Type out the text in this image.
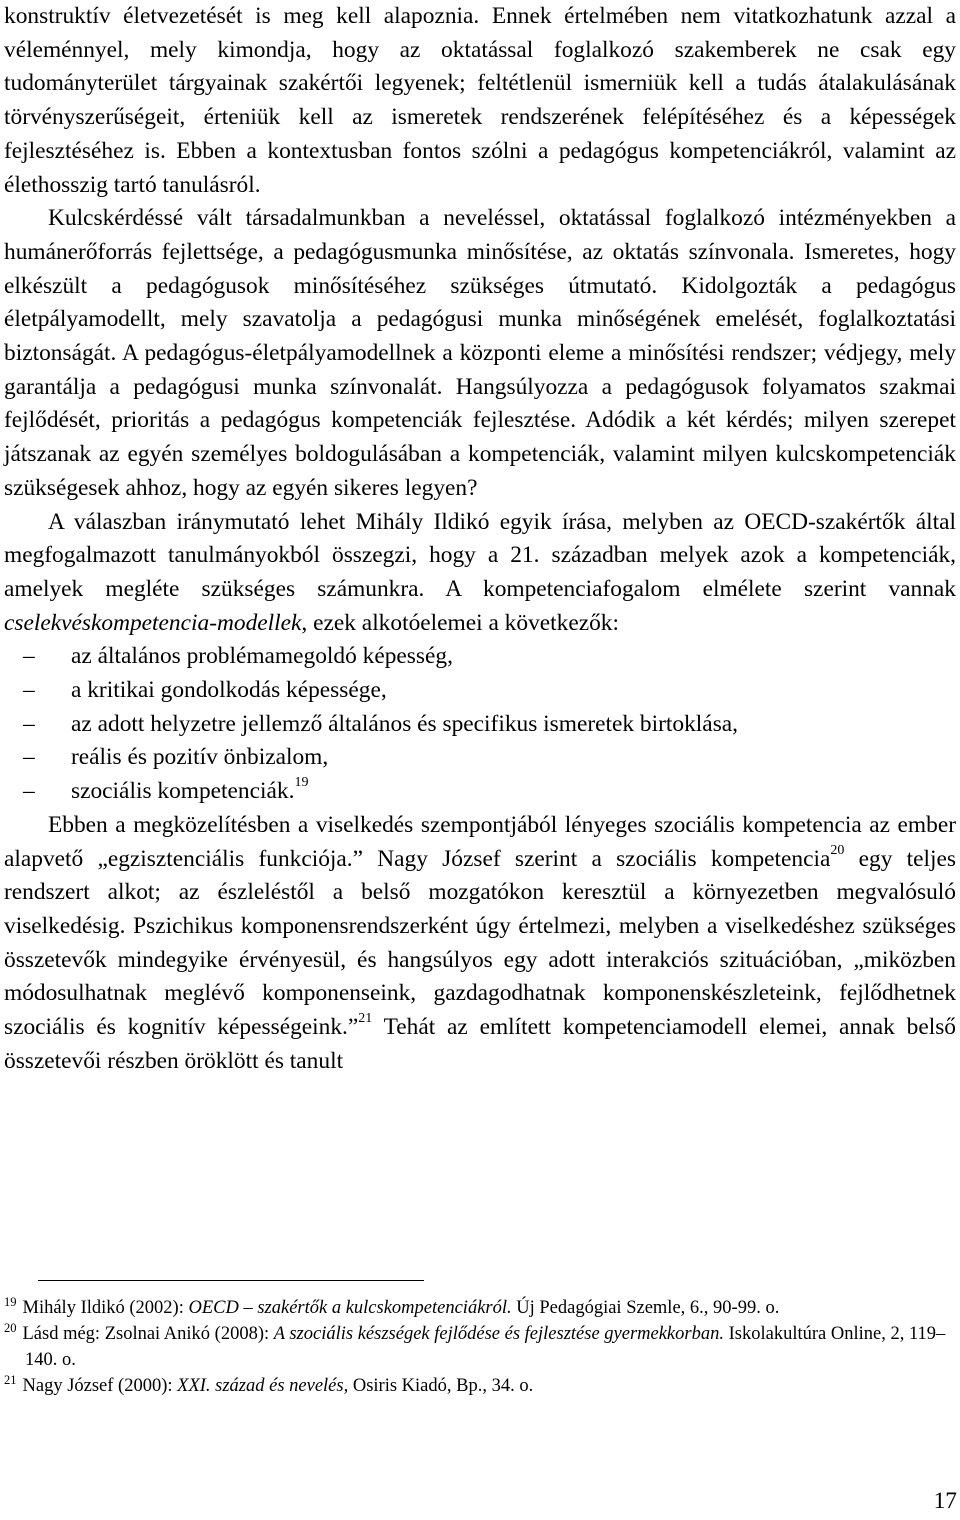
konstruktív életvezetését is meg kell alapoznia. Ennek értelmében nem vitatkozhatunk azzal a véleménnyel, mely kimondja, hogy az oktatással foglalkozó szakemberek ne csak egy tudományterület tárgyainak szakértői legyenek; feltétlenül ismerniük kell a tudás átalakulásának törvényszerűségeit, érteniük kell az ismeretek rendszerének felépítéséhez és a képességek fejlesztéséhez is. Ebben a kontextusban fontos szólni a pedagógus kompetenciákról, valamint az élethosszig tartó tanulásról.

Kulcskérdéssé vált társadalmunkban a neveléssel, oktatással foglalkozó intézményekben a humánerőforrás fejlettsége, a pedagógusmunka minősítése, az oktatás színvonala. Ismeretes, hogy elkészült a pedagógusok minősítéséhez szükséges útmutató. Kidolgozták a pedagógus életpályamodellt, mely szavatolja a pedagógusi munka minőségének emelését, foglalkoztatási biztonságát. A pedagógus-életpályamodellnek a központi eleme a minősítési rendszer; védjegy, mely garantálja a pedagógusi munka színvonalát. Hangsúlyozza a pedagógusok folyamatos szakmai fejlődését, prioritás a pedagógus kompetenciák fejlesztése. Adódik a két kérdés; milyen szerepet játszanak az egyén személyes boldogulásában a kompetenciák, valamint milyen kulcskompetenciák szükségesek ahhoz, hogy az egyén sikeres legyen?

A válaszban iránymutató lehet Mihály Ildikó egyik írása, melyben az OECD-szakértők által megfogalmazott tanulmányokból összegzi, hogy a 21. században melyek azok a kompetenciák, amelyek megléte szükséges számunkra. A kompetenciafogalom elmélete szerint vannak cselekvéskompetencia-modellek, ezek alkotóelemei a következők:

– az általános problémamegoldó képesség,
– a kritikai gondolkodás képessége,
– az adott helyzetre jellemző általános és specifikus ismeretek birtoklása,
– reális és pozitív önbizalom,
– szociális kompetenciák.$^{19}$

Ebben a megközelítésben a viselkedés szempontjából lényeges szociális kompetencia az ember alapvető „egzisztenciális funkciója.” Nagy József szerint a szociális kompetencia$^{20}$ egy teljes rendszert alkot; az észleléstől a belső mozgatókon keresztül a környezetben megvalósuló viselkedésig. Pszichikus komponensrendszerként úgy értelmezi, melyben a viselkedéshez szükséges összetevők mindegyike érvényesül, és hangsúlyos egy adott interakciós szituációban, „miközben módosulhatnak meglévő komponenseink, gazdagodhatnak komponenskészleteink, fejlődhetnek szociális és kognitív képességeink.”$^{21}$ Tehát az említett kompetenciamodell elemei, annak belső összetevői részben öröklött és tanult

$^{19}$ Mihály Ildikó (2002): OECD – szakértők a kulcskompetenciákról. Új Pedagógiai Szemle, 6., 90-99. o.

$^{20}$ Lásd még: Zsolnai Anikó (2008): A szociális készségek fejlődése és fejlesztése gyermekkorban. Iskolakultúra Online, 2, 119–140. o.

$^{21}$ Nagy József (2000): XXI. század és nevelés, Osiris Kiadó, Bp., 34. o.

17
